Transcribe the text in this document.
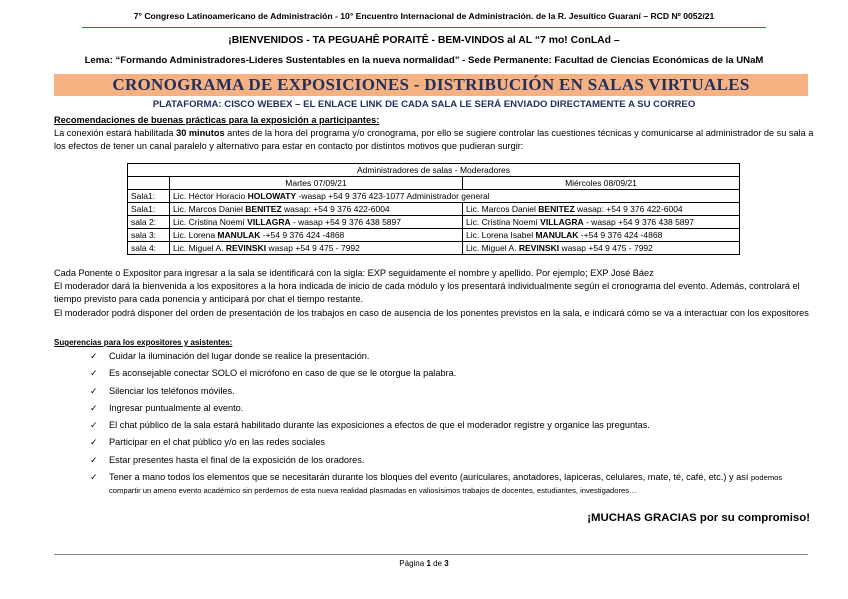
7° Congreso Latinoamericano de Administración - 10° Encuentro Internacional de Administración. de la R. Jesuítico Guaraní – RCD Nº 0052/21
¡BIENVENIDOS - TA PEGUAHÊ PORAITÊ - BEM-VINDOS al AL “7 mo! ConLAd –
Lema: “Formando Administradores-Lideres Sustentables en la nueva normalidad” - Sede Permanente: Facultad de Ciencias Económicas de la UNaM
CRONOGRAMA DE EXPOSICIONES - DISTRIBUCIÓN EN SALAS VIRTUALES
PLATAFORMA: CISCO WEBEX – EL ENLACE LINK DE CADA SALA LE SERÁ ENVIADO DIRECTAMENTE A SU CORREO
Recomendaciones de buenas prácticas para la exposición a participantes:
La conexión estará habilitada 30 minutos antes de la hora del programa y/o cronograma, por ello se sugiere controlar las cuestiones técnicas y comunicarse al administrador de su sala a los efectos de tener un canal paralelo y alternativo para estar en contacto por distintos motivos que pudieran surgir:
Administradores de salas - Moderadores		
	Martes 07/09/21	Miércoles 08/09/21
Sala1:	Lic. Héctor Horacio HOLOWATY -wasap +54 9 376 423-1077 Administrador general	
Sala1:	Lic. Marcos Daniel BENITEZ wasap: +54 9 376 422-6004	Lic. Marcos Daniel BENITEZ wasap: +54 9 376 422-6004
sala 2:	Lic. Cristina Noemí VILLAGRA - wasap +54 9 376 438 5897	Lic. Cristina Noemí VILLAGRA - wasap +54 9 376 438 5897
sala 3:	Lic. Lorena MANULAK -+54 9 376 424 -4868	Lic. Lorena Isabel MANULAK -+54 9 376 424 -4868
sala 4:	Lic. Miguel A. REVINSKI wasap +54 9 475 - 7992	Lic. Miguel A. REVINSKI wasap +54 9 475 - 7992
Cada Ponente o Expositor para ingresar a la sala se identificará con la sigla: EXP seguidamente el nombre y apellido. Por ejemplo; EXP José Báez
El moderador dará la bienvenida a los expositores a la hora indicada de inicio de cada módulo y los presentará individualmente según el cronograma del evento. Además, controlará el tiempo previsto para cada ponencia y anticipará por chat el tiempo restante.
El moderador podrá disponer del orden de presentación de los trabajos en caso de ausencia de los ponentes previstos en la sala, e indicará cómo se va a interactuar con los expositores
Sugerencias para los expositores y asistentes:
✓ Cuidar la iluminación del lugar donde se realice la presentación.
✓ Es aconsejable conectar SOLO el micrófono en caso de que se le otorgue la palabra.
✓ Silenciar los teléfonos móviles.
✓ Ingresar puntualmente al evento.
✓ El chat público de la sala estará habilitado durante las exposiciones a efectos de que el moderador registre y organice las preguntas.
✓ Participar en el chat público y/o en las redes sociales
✓ Estar presentes hasta el final de la exposición de los oradores.
✓ Tener a mano todos los elementos que se necesitarán durante los bloques del evento (auriculares, anotadores, lapiceras, celulares, mate, té, café, etc.) y así podemos compartir un ameno evento académico sin perdernos de esta nueva realidad plasmadas en valiosísimos trabajos de docentes, estudiantes, investigadores…
¡MUCHAS GRACIAS por su compromiso!
Página 1 de 3
